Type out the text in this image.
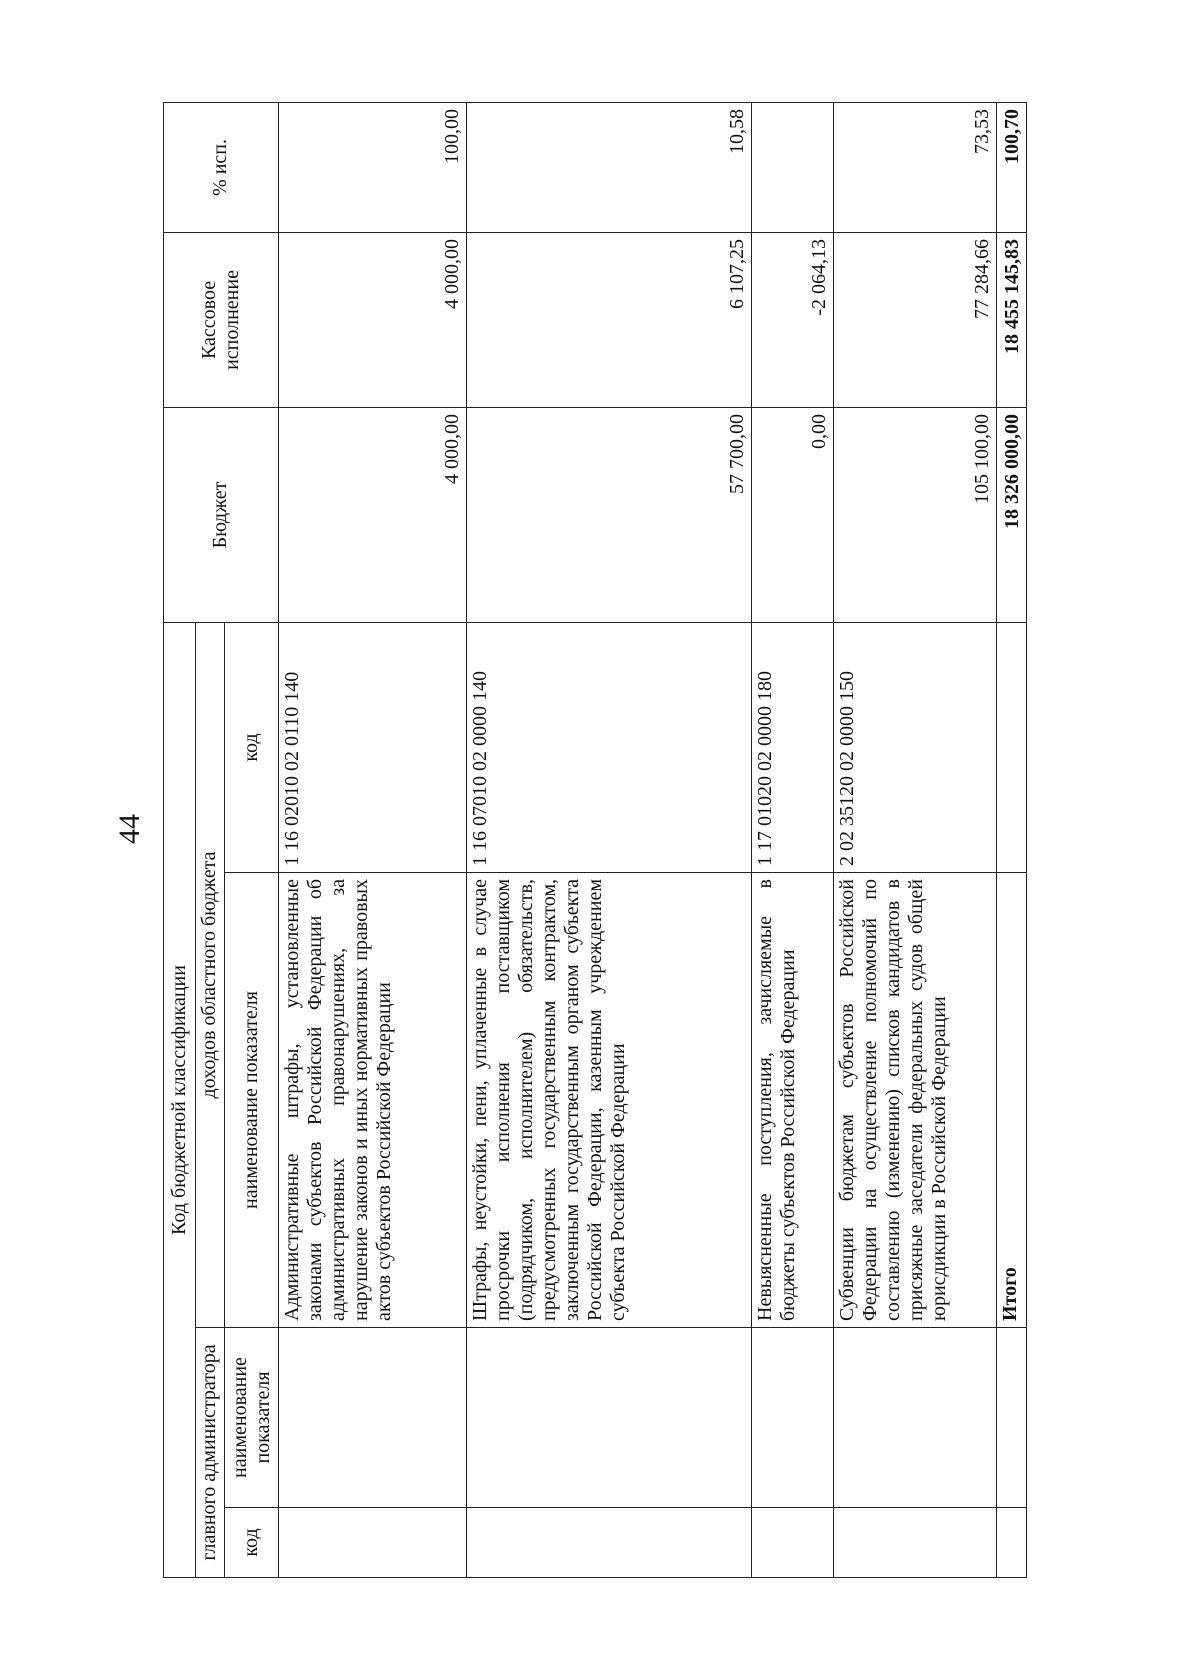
44
Код бюджетной классификации				Бюджет	Кассовое исполнение	% исп.
главного администратора		доходов областного бюджета				
код	наименование показателя	наименование показателя	код			
		Административные штрафы, установленные законами субъектов Российской Федерации об административных правонарушениях, за нарушение законов и иных нормативных правовых актов субъектов Российской Федерации	1 16 02010 02 0110 140	4 000,00	4 000,00	100,00
		Штрафы, неустойки, пени, уплаченные в случае просрочки исполнения поставщиком (подрядчиком, исполнителем) обязательств, предусмотренных государственным контрактом, заключенным государственным органом субъекта Российской Федерации, казенным учреждением субъекта Российской Федерации	1 16 07010 02 0000 140	57 700,00	6 107,25	10,58
		Невыясненные поступления, зачисляемые в бюджеты субъектов Российской Федерации	1 17 01020 02 0000 180	0,00	-2 064,13	
		Субвенции бюджетам субъектов Российской Федерации на осуществление полномочий по составлению (изменению) списков кандидатов в присяжные заседатели федеральных судов общей юрисдикции в Российской Федерации	2 02 35120 02 0000 150	105 100,00	77 284,66	73,53
		Итого		18 326 000,00	18 455 145,83	100,70
